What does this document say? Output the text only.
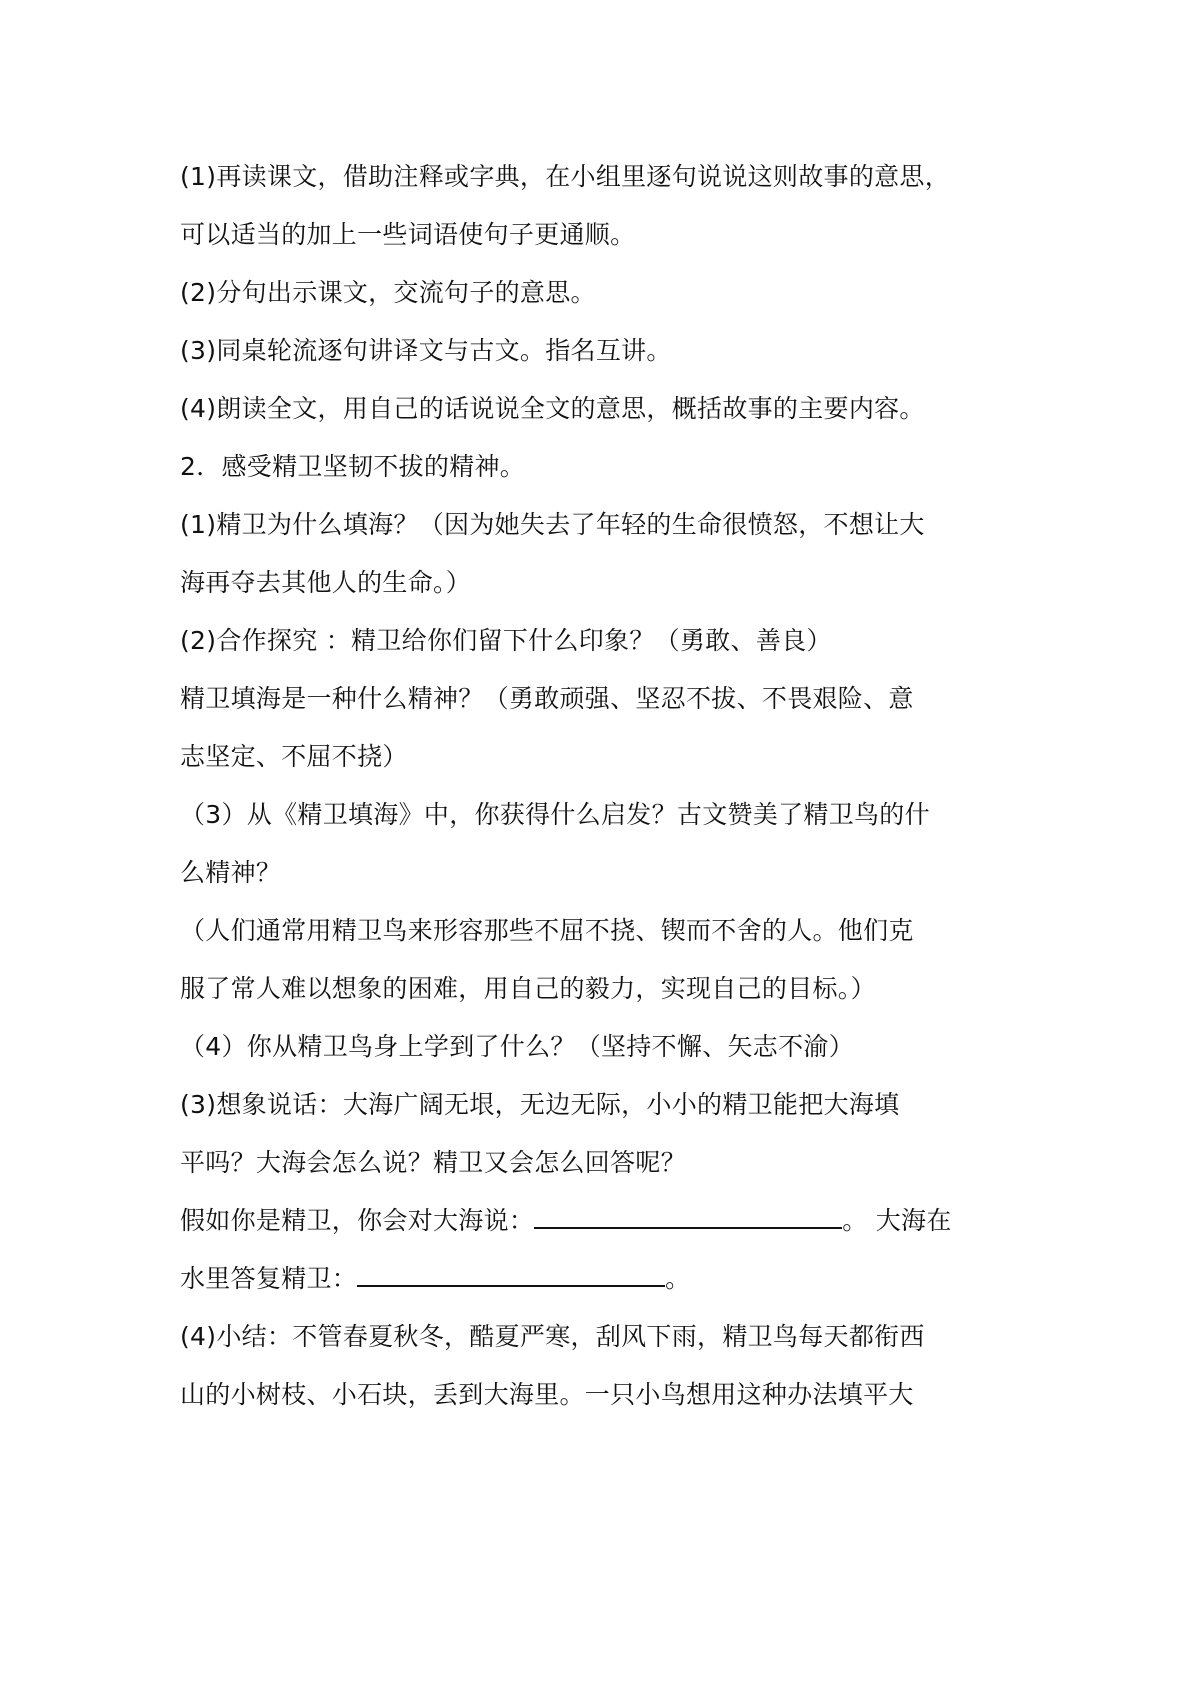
(1)再读课文，借助注释或字典，在小组里逐句说说这则故事的意思，
可以适当的加上一些词语使句子更通顺。
(2)分句出示课文，交流句子的意思。
(3)同桌轮流逐句讲译文与古文。指名互讲。
(4)朗读全文，用自己的话说说全文的意思，概括故事的主要内容。
2．感受精卫坚韧不拔的精神。
(1)精卫为什么填海？（因为她失去了年轻的生命很愤怒，不想让大
海再夺去其他人的生命。）
(2)合作探究 ：精卫给你们留下什么印象？（勇敢、善良）
精卫填海是一种什么精神？（勇敢顽强、坚忍不拔、不畏艰险、意
志坚定、不屈不挠）
（3）从《精卫填海》中，你获得什么启发？古文赞美了精卫鸟的什
么精神？
（人们通常用精卫鸟来形容那些不屈不挠、锲而不舍的人。他们克
服了常人难以想象的困难，用自己的毅力，实现自己的目标。）
（4）你从精卫鸟身上学到了什么？（坚持不懈、矢志不渝）
(3)想象说话：大海广阔无垠，无边无际，小小的精卫能把大海填
平吗？大海会怎么说？精卫又会怎么回答呢？
假如你是精卫，你会对大海说：	。 大海在
水里答复精卫：	。
(4)小结：不管春夏秋冬，酷夏严寒，刮风下雨，精卫鸟每天都衔西
山的小树枝、小石块，丢到大海里。一只小鸟想用这种办法填平大
